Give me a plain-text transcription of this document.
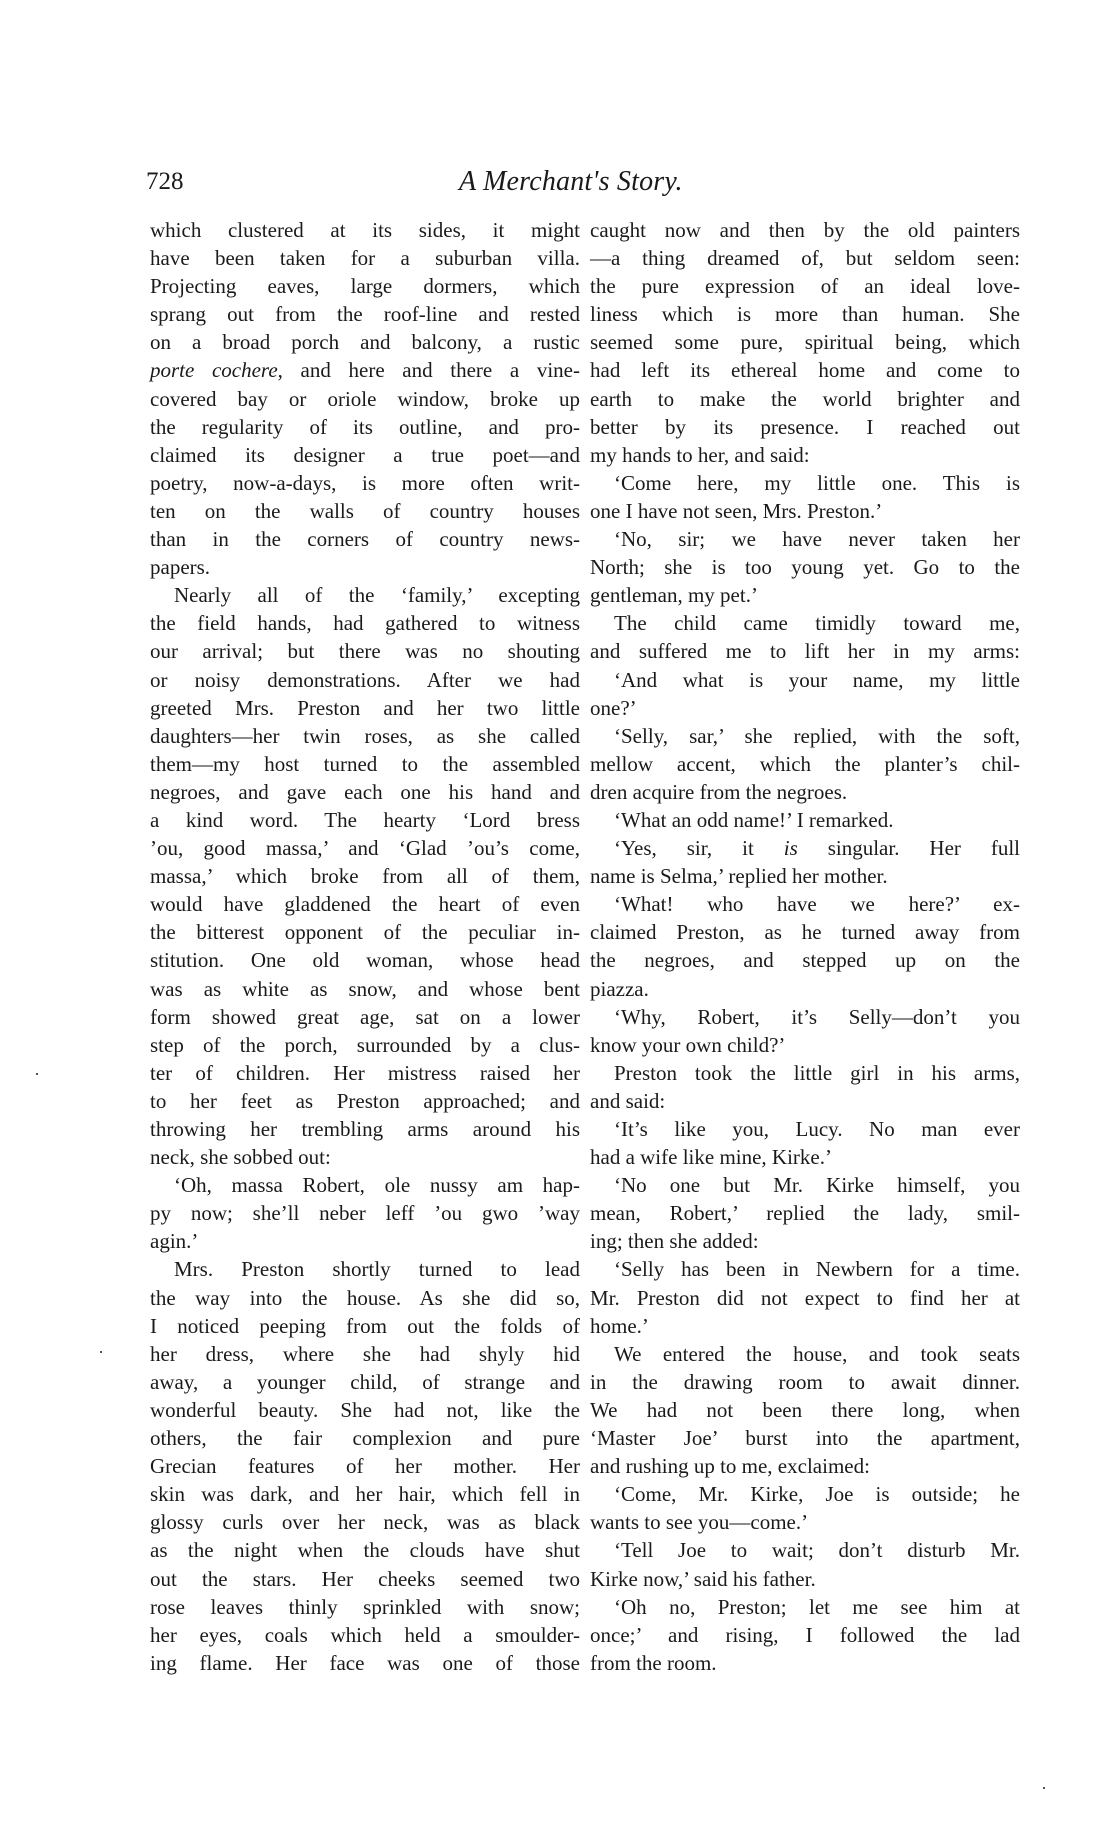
728	A Merchant's Story.
which clustered at its sides, it might
have been taken for a suburban villa.
Projecting eaves, large dormers, which
sprang out from the roof-line and rested
on a broad porch and balcony, a rustic
porte cochere, and here and there a vine-
covered bay or oriole window, broke up
the regularity of its outline, and pro-
claimed its designer a true poet—and
poetry, now-a-days, is more often writ-
ten on the walls of country houses
than in the corners of country news-
papers.
Nearly all of the ‘family,’ excepting
the field hands, had gathered to witness
our arrival; but there was no shouting
or noisy demonstrations. After we had
greeted Mrs. Preston and her two little
daughters—her twin roses, as she called
them—my host turned to the assembled
negroes, and gave each one his hand and
a kind word. The hearty ‘Lord bress
’ou, good massa,’ and ‘Glad ’ou’s come,
massa,’ which broke from all of them,
would have gladdened the heart of even
the bitterest opponent of the peculiar in-
stitution. One old woman, whose head
was as white as snow, and whose bent
form showed great age, sat on a lower
step of the porch, surrounded by a clus-
ter of children. Her mistress raised her
to her feet as Preston approached; and
throwing her trembling arms around his
neck, she sobbed out:
‘Oh, massa Robert, ole nussy am hap-
py now; she’ll neber leff ’ou gwo ’way
agin.’
Mrs. Preston shortly turned to lead
the way into the house. As she did so,
I noticed peeping from out the folds of
her dress, where she had shyly hid
away, a younger child, of strange and
wonderful beauty. She had not, like the
others, the fair complexion and pure
Grecian features of her mother. Her
skin was dark, and her hair, which fell in
glossy curls over her neck, was as black
as the night when the clouds have shut
out the stars. Her cheeks seemed two
rose leaves thinly sprinkled with snow;
her eyes, coals which held a smoulder-
ing flame. Her face was one of those
caught now and then by the old painters
—a thing dreamed of, but seldom seen:
the pure expression of an ideal love-
liness which is more than human. She
seemed some pure, spiritual being, which
had left its ethereal home and come to
earth to make the world brighter and
better by its presence. I reached out
my hands to her, and said:
‘Come here, my little one. This is
one I have not seen, Mrs. Preston.’
‘No, sir; we have never taken her
North; she is too young yet. Go to the
gentleman, my pet.’
The child came timidly toward me,
and suffered me to lift her in my arms:
‘And what is your name, my little
one?’
‘Selly, sar,’ she replied, with the soft,
mellow accent, which the planter’s chil-
dren acquire from the negroes.
‘What an odd name!’ I remarked.
‘Yes, sir, it is singular. Her full
name is Selma,’ replied her mother.
‘What! who have we here?’ ex-
claimed Preston, as he turned away from
the negroes, and stepped up on the
piazza.
‘Why, Robert, it’s Selly—don’t you
know your own child?’
Preston took the little girl in his arms,
and said:
‘It’s like you, Lucy. No man ever
had a wife like mine, Kirke.’
‘No one but Mr. Kirke himself, you
mean, Robert,’ replied the lady, smil-
ing; then she added:
‘Selly has been in Newbern for a time.
Mr. Preston did not expect to find her at
home.’
We entered the house, and took seats
in the drawing room to await dinner.
We had not been there long, when
‘Master Joe’ burst into the apartment,
and rushing up to me, exclaimed:
‘Come, Mr. Kirke, Joe is outside; he
wants to see you—come.’
‘Tell Joe to wait; don’t disturb Mr.
Kirke now,’ said his father.
‘Oh no, Preston; let me see him at
once;’ and rising, I followed the lad
from the room.
